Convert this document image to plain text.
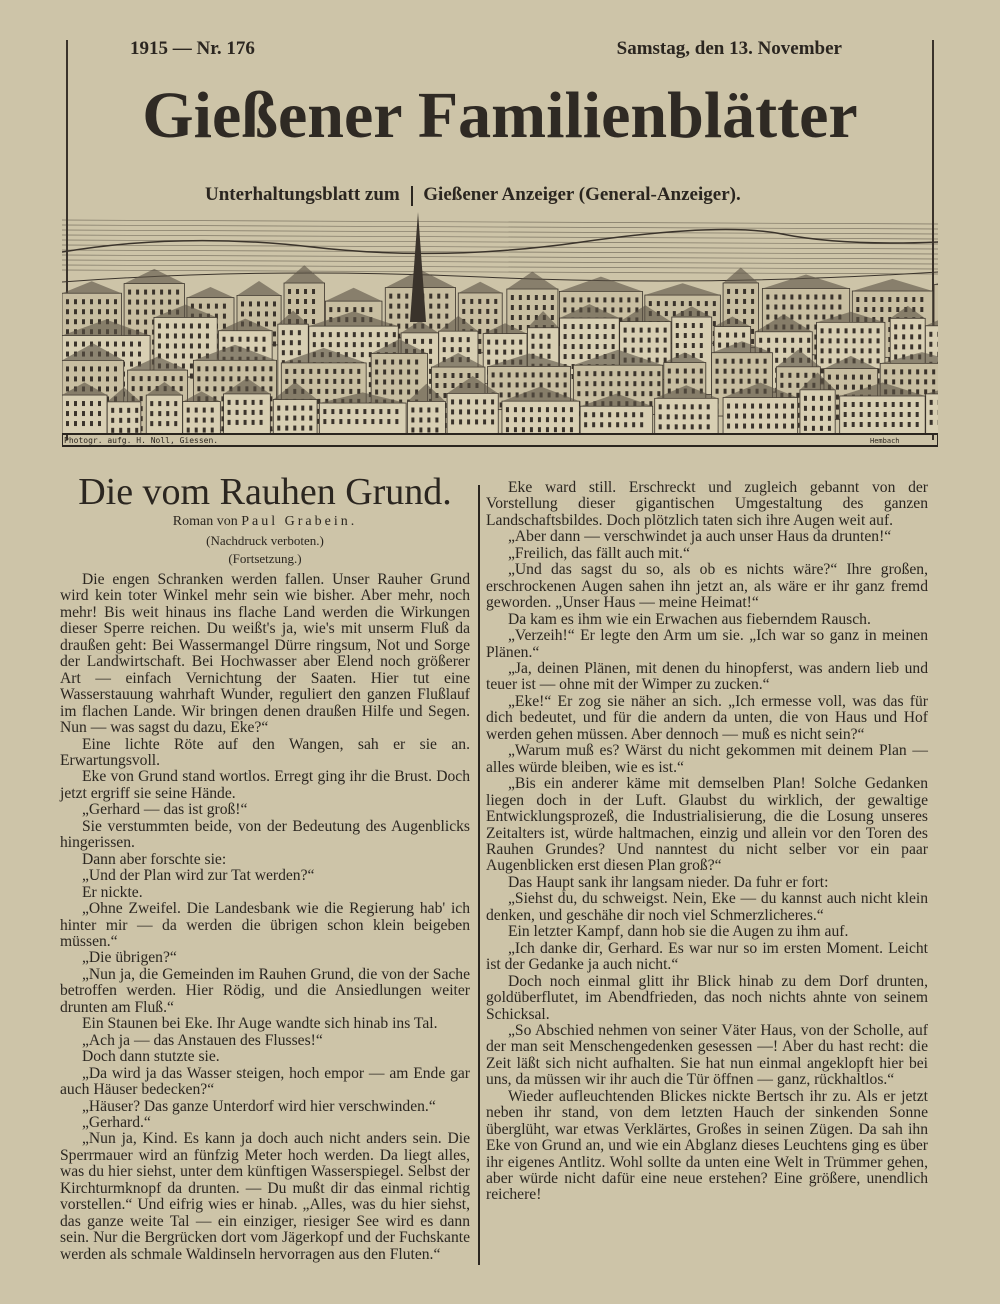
1915 — Nr. 176	Samstag, den 13. November
Gießener Familienblätter
Unterhaltungsblatt zum Gießener Anzeiger (General-Anzeiger).
Photogr. aufg. H. Noll, Giessen.	Hembach
Die vom Rauhen Grund.
Roman von Paul Grabein.
(Nachdruck verboten.)
(Fortsetzung.)

Die engen Schranken werden fallen. Unser Rauher Grund wird kein toter Winkel mehr sein wie bisher. Aber mehr, noch mehr! Bis weit hinaus ins flache Land werden die Wirkungen dieser Sperre reichen. Du weißt's ja, wie's mit unserm Fluß da draußen geht: Bei Wassermangel Dürre ringsum, Not und Sorge der Landwirtschaft. Bei Hochwasser aber Elend noch größerer Art — einfach Vernichtung der Saaten. Hier tut eine Wasserstauung wahrhaft Wunder, reguliert den ganzen Flußlauf im flachen Lande. Wir bringen denen draußen Hilfe und Segen. Nun — was sagst du dazu, Eke?“

Eine lichte Röte auf den Wangen, sah er sie an. Erwartungsvoll.

Eke von Grund stand wortlos. Erregt ging ihr die Brust. Doch jetzt ergriff sie seine Hände.

„Gerhard — das ist groß!“

Sie verstummten beide, von der Bedeutung des Augenblicks hingerissen.

Dann aber forschte sie:

„Und der Plan wird zur Tat werden?“

Er nickte.

„Ohne Zweifel. Die Landesbank wie die Regierung hab' ich hinter mir — da werden die übrigen schon klein beigeben müssen.“

„Die übrigen?“

„Nun ja, die Gemeinden im Rauhen Grund, die von der Sache betroffen werden. Hier Rödig, und die Ansiedlungen weiter drunten am Fluß.“

Ein Staunen bei Eke. Ihr Auge wandte sich hinab ins Tal.

„Ach ja — das Anstauen des Flusses!“

Doch dann stutzte sie.

„Da wird ja das Wasser steigen, hoch empor — am Ende gar auch Häuser bedecken?“

„Häuser? Das ganze Unterdorf wird hier verschwinden.“

„Gerhard.“

„Nun ja, Kind. Es kann ja doch auch nicht anders sein. Die Sperrmauer wird an fünfzig Meter hoch werden. Da liegt alles, was du hier siehst, unter dem künftigen Wasserspiegel. Selbst der Kirchturmknopf da drunten. — Du mußt dir das einmal richtig vorstellen.“ Und eifrig wies er hinab. „Alles, was du hier siehst, das ganze weite Tal — ein einziger, riesiger See wird es dann sein. Nur die Bergrücken dort vom Jägerkopf und der Fuchskante werden als schmale Waldinseln hervorragen aus den Fluten.“

Eke ward still. Erschreckt und zugleich gebannt von der Vorstellung dieser gigantischen Umgestaltung des ganzen Landschaftsbildes. Doch plötzlich taten sich ihre Augen weit auf.

„Aber dann — verschwindet ja auch unser Haus da drunten!“

„Freilich, das fällt auch mit.“

„Und das sagst du so, als ob es nichts wäre?“ Ihre großen, erschrockenen Augen sahen ihn jetzt an, als wäre er ihr ganz fremd geworden. „Unser Haus — meine Heimat!“

Da kam es ihm wie ein Erwachen aus fieberndem Rausch.

„Verzeih!“ Er legte den Arm um sie. „Ich war so ganz in meinen Plänen.“

„Ja, deinen Plänen, mit denen du hinopferst, was andern lieb und teuer ist — ohne mit der Wimper zu zucken.“

„Eke!“ Er zog sie näher an sich. „Ich ermesse voll, was das für dich bedeutet, und für die andern da unten, die von Haus und Hof werden gehen müssen. Aber dennoch — muß es nicht sein?“

„Warum muß es? Wärst du nicht gekommen mit deinem Plan — alles würde bleiben, wie es ist.“

„Bis ein anderer käme mit demselben Plan! Solche Gedanken liegen doch in der Luft. Glaubst du wirklich, der gewaltige Entwicklungsprozeß, die Industrialisierung, die die Losung unseres Zeitalters ist, würde haltmachen, einzig und allein vor den Toren des Rauhen Grundes? Und nanntest du nicht selber vor ein paar Augenblicken erst diesen Plan groß?“

Das Haupt sank ihr langsam nieder. Da fuhr er fort:

„Siehst du, du schweigst. Nein, Eke — du kannst auch nicht klein denken, und geschähe dir noch viel Schmerzlicheres.“

Ein letzter Kampf, dann hob sie die Augen zu ihm auf.

„Ich danke dir, Gerhard. Es war nur so im ersten Moment. Leicht ist der Gedanke ja auch nicht.“

Doch noch einmal glitt ihr Blick hinab zu dem Dorf drunten, goldüberflutet, im Abendfrieden, das noch nichts ahnte von seinem Schicksal.

„So Abschied nehmen von seiner Väter Haus, von der Scholle, auf der man seit Menschengedenken gesessen —! Aber du hast recht: die Zeit läßt sich nicht aufhalten. Sie hat nun einmal angeklopft hier bei uns, da müssen wir ihr auch die Tür öffnen — ganz, rückhaltlos.“

Wieder aufleuchtenden Blickes nickte Bertsch ihr zu. Als er jetzt neben ihr stand, von dem letzten Hauch der sinkenden Sonne überglüht, war etwas Verklärtes, Großes in seinen Zügen. Da sah ihn Eke von Grund an, und wie ein Abglanz dieses Leuchtens ging es über ihr eigenes Antlitz. Wohl sollte da unten eine Welt in Trümmer gehen, aber würde nicht dafür eine neue erstehen? Eine größere, unendlich reichere!
